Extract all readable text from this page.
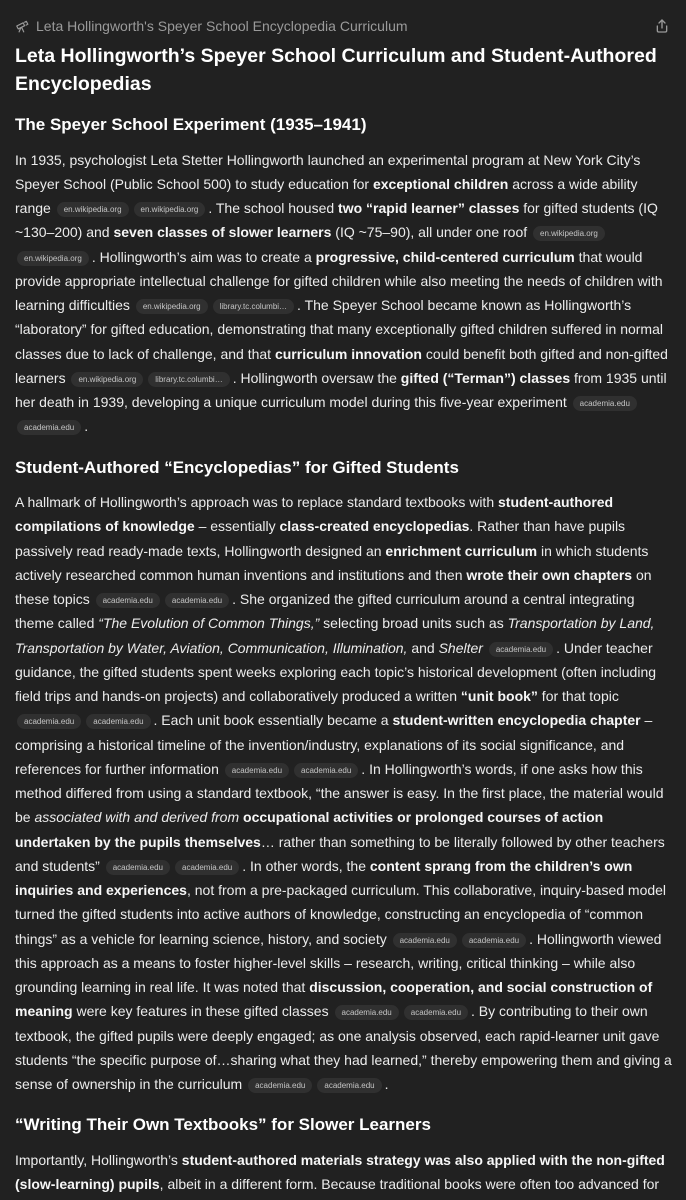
Leta Hollingworth's Speyer School Encyclopedia Curriculum
Leta Hollingworth’s Speyer School Curriculum and Student-Authored Encyclopedias
The Speyer School Experiment (1935–1941)

In 1935, psychologist Leta Stetter Hollingworth launched an experimental program at New York City’s Speyer School (Public School 500) to study education for exceptional children across a wide ability range en.wikipedia.org en.wikipedia.org . The school housed two “rapid learner” classes for gifted students (IQ ~130–200) and seven classes of slower learners (IQ ~75–90), all under one roof en.wikipedia.orgen.wikipedia.org . Hollingworth’s aim was to create a progressive, child-centered curriculum that would provide appropriate intellectual challenge for gifted children while also meeting the needs of children with learning difficulties en.wikipedia.org library.tc.columbi… . The Speyer School became known as Hollingworth’s “laboratory” for gifted education, demonstrating that many exceptionally gifted children suffered in normal classes due to lack of challenge, and that curriculum innovation could benefit both gifted and non-gifted learners en.wikipedia.org library.tc.columbi… . Hollingworth oversaw the gifted (“Terman”) classes from 1935 until her death in 1939, developing a unique curriculum model during this five-year experiment academia.eduacademia.edu .

Student-Authored “Encyclopedias” for Gifted Students

A hallmark of Hollingworth’s approach was to replace standard textbooks with student-authored compilations of knowledge – essentially class-created encyclopedias. Rather than have pupils passively read ready-made texts, Hollingworth designed an enrichment curriculum in which students actively researched common human inventions and institutions and then wrote their own chapters on these topics academia.edu academia.edu . She organized the gifted curriculum around a central integrating theme called “The Evolution of Common Things,” selecting broad units such as Transportation by Land, Transportation by Water, Aviation, Communication, Illumination, and Shelter academia.edu . Under teacher guidance, the gifted students spent weeks exploring each topic’s historical development (often including field trips and hands-on projects) and collaboratively produced a written “unit book” for that topic academia.edu academia.edu . Each unit book essentially became a student-written encyclopedia chapter – comprising a historical timeline of the invention/industry, explanations of its social significance, and references for further information academia.edu academia.edu . In Hollingworth’s words, if one asks how this method differed from using a standard textbook, “the answer is easy. In the first place, the material would be associated with and derived from occupational activities or prolonged courses of action undertaken by the pupils themselves… rather than something to be literally followed by other teachers and students” academia.edu academia.edu . In other words, the content sprang from the children’s own inquiries and experiences, not from a pre-packaged curriculum. This collaborative, inquiry-based model turned the gifted students into active authors of knowledge, constructing an encyclopedia of “common things” as a vehicle for learning science, history, and society academia.edu academia.edu . Hollingworth viewed this approach as a means to foster higher-level skills – research, writing, critical thinking – while also grounding learning in real life. It was noted that discussion, cooperation, and social construction of meaning were key features in these gifted classes academia.edu academia.edu . By contributing to their own textbook, the gifted pupils were deeply engaged; as one analysis observed, each rapid-learner unit gave students “the specific purpose of…sharing what they had learned,” thereby empowering them and giving a sense of ownership in the curriculum academia.edu academia.edu .

“Writing Their Own Textbooks” for Slower Learners

Importantly, Hollingworth’s student-authored materials strategy was also applied with the non-gifted (slow-learning) pupils, albeit in a different form. Because traditional books were often too advanced for
